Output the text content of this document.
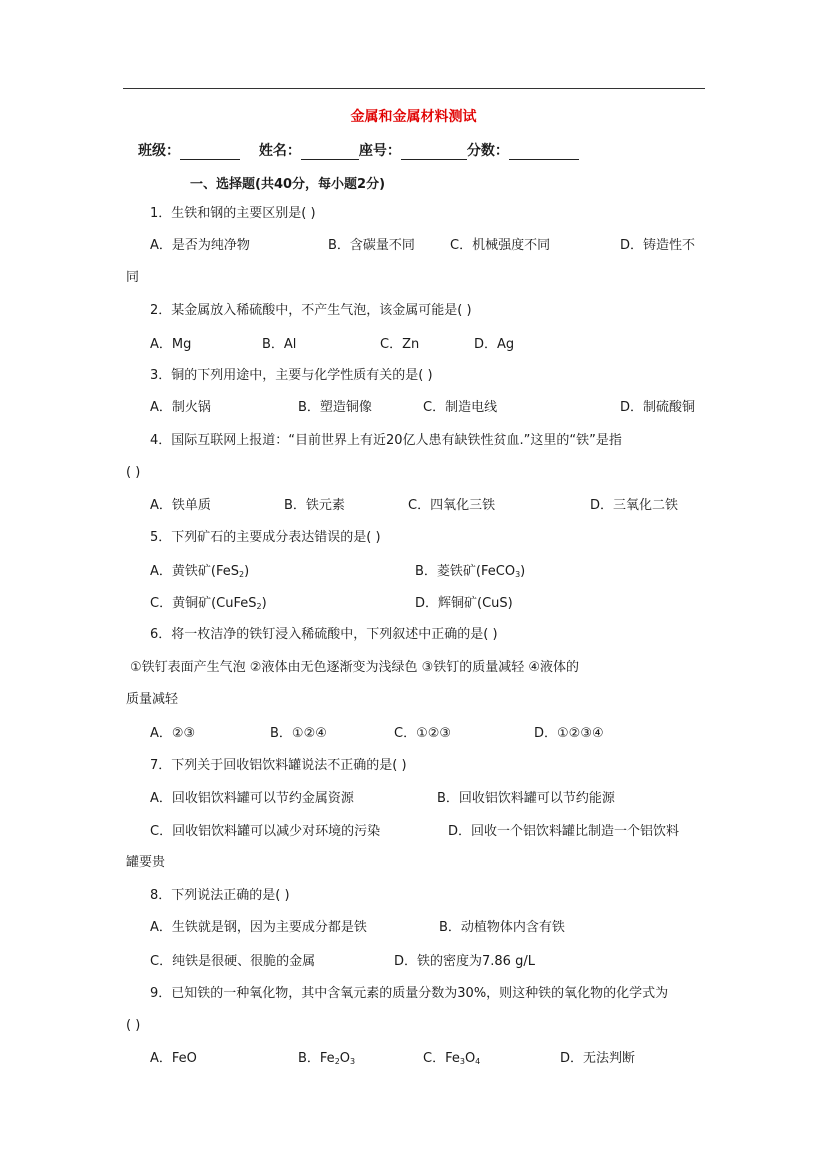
金属和金属材料测试
班级：	姓名：	座号：	分数：
一、选择题(共40分，每小题2分)
1．生铁和钢的主要区别是( )
A．是否为纯净物	B．含碳量不同	C．机械强度不同	D．铸造性不
同
2．某金属放入稀硫酸中，不产生气泡，该金属可能是( )
A．Mg	B．Al	C．Zn	D．Ag
3．铜的下列用途中，主要与化学性质有关的是( )
A．制火锅	B．塑造铜像	C．制造电线	D．制硫酸铜
4．国际互联网上报道：“目前世界上有近20亿人患有缺铁性贫血.”这里的“铁”是指
( )
A．铁单质	B．铁元素	C．四氧化三铁	D．三氧化二铁
5．下列矿石的主要成分表达错误的是( )
A．黄铁矿(FeS$_2$)	B．菱铁矿(FeCO$_3$)
C．黄铜矿(CuFeS$_2$)	D．辉铜矿(CuS)
6．将一枚洁净的铁钉浸入稀硫酸中，下列叙述中正确的是( )
①铁钉表面产生气泡 ②液体由无色逐渐变为浅绿色 ③铁钉的质量减轻 ④液体的
质量减轻
A．②③	B．①②④	C．①②③	D．①②③④
7．下列关于回收铝饮料罐说法不正确的是( )
A．回收铝饮料罐可以节约金属资源	B．回收铝饮料罐可以节约能源
C．回收铝饮料罐可以减少对环境的污染	D．回收一个铝饮料罐比制造一个铝饮料
罐要贵
8．下列说法正确的是( )
A．生铁就是钢，因为主要成分都是铁	B．动植物体内含有铁
C．纯铁是很硬、很脆的金属	D．铁的密度为7.86 g/L
9．已知铁的一种氧化物，其中含氧元素的质量分数为30%，则这种铁的氧化物的化学式为
( )
A．FeO	B．$Fe_2O_3$	C．$Fe_3O_4$	D．无法判断
